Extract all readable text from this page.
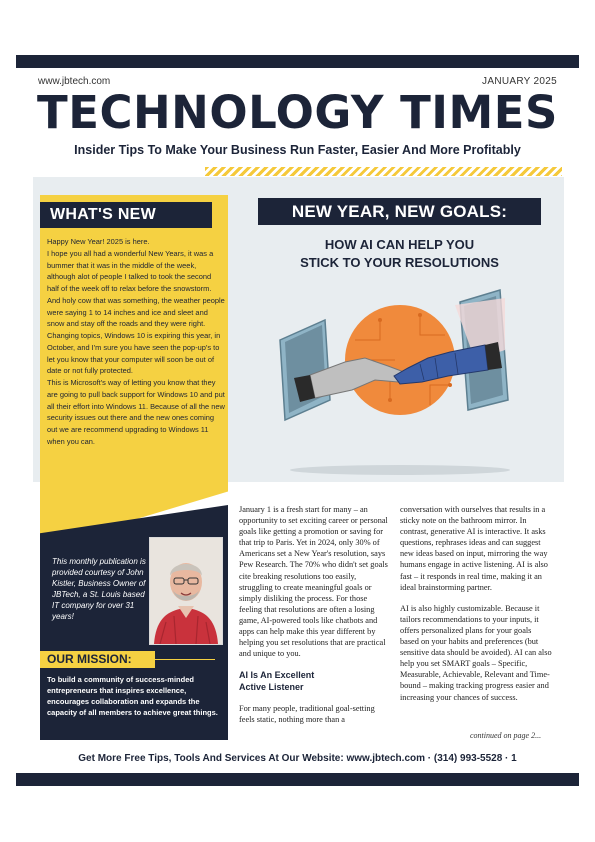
www.jbtech.com	JANUARY 2025
TECHNOLOGY TIMES
Insider Tips To Make Your Business Run Faster, Easier And More Profitably
WHAT'S NEW

Happy New Year! 2025 is here.

I hope you all had a wonderful New Years, it was a bummer that it was in the middle of the week, although alot of people I talked to took the second half of the week off to relax before the snowstorm.

And holy cow that was something, the weather people were saying 1 to 14 inches and ice and sleet and snow and stay off the roads and they were right. Changing topics, Windows 10 is expiring this year, in October, and I'm sure you have seen the pop-up's to let you know that your computer will soon be out of date or not fully protected.

This is Microsoft's way of letting you know that they are going to pull back support for Windows 10 and put all their effort into Windows 11. Because of all the new security issues out there and the new ones coming out we are recommend upgrading to Windows 11 when you can.

This monthly publication is provided courtesy of John Kistler, Business Owner of JBTech, a St. Louis based IT company for over 31 years!
OUR MISSION:
To build a community of success-minded entrepreneurs that inspires excellence, encourages collaboration and expands the capacity of all members to achieve great things.
NEW YEAR, NEW GOALS:
HOW AI CAN HELP YOU
STICK TO YOUR RESOLUTIONS

January 1 is a fresh start for many – an opportunity to set exciting career or personal goals like getting a promotion or saving for that trip to Paris. Yet in 2024, only 30% of Americans set a New Year's resolution, says Pew Research. The 70% who didn't set goals cite breaking resolutions too easily, struggling to create meaningful goals or simply disliking the process. For those feeling that resolutions are often a losing game, AI-powered tools like chatbots and apps can help make this year different by helping you set resolutions that are practical and unique to you.

AI Is An Excellent
Active Listener

For many people, traditional goal-setting feels static, nothing more than a

conversation with ourselves that results in a sticky note on the bathroom mirror. In contrast, generative AI is interactive. It asks questions, rephrases ideas and can suggest new ideas based on input, mirroring the way humans engage in active listening. AI is also fast – it responds in real time, making it an ideal brainstorming partner.

AI is also highly customizable. Because it tailors recommendations to your inputs, it offers personalized plans for your goals based on your habits and preferences (but sensitive data should be avoided). AI can also help you set SMART goals – Specific, Measurable, Achievable, Relevant and Time-bound – making tracking progress easier and increasing your chances of success.

continued on page 2...
Get More Free Tips, Tools And Services At Our Website: www.jbtech.com · (314) 993-5528 · 1
